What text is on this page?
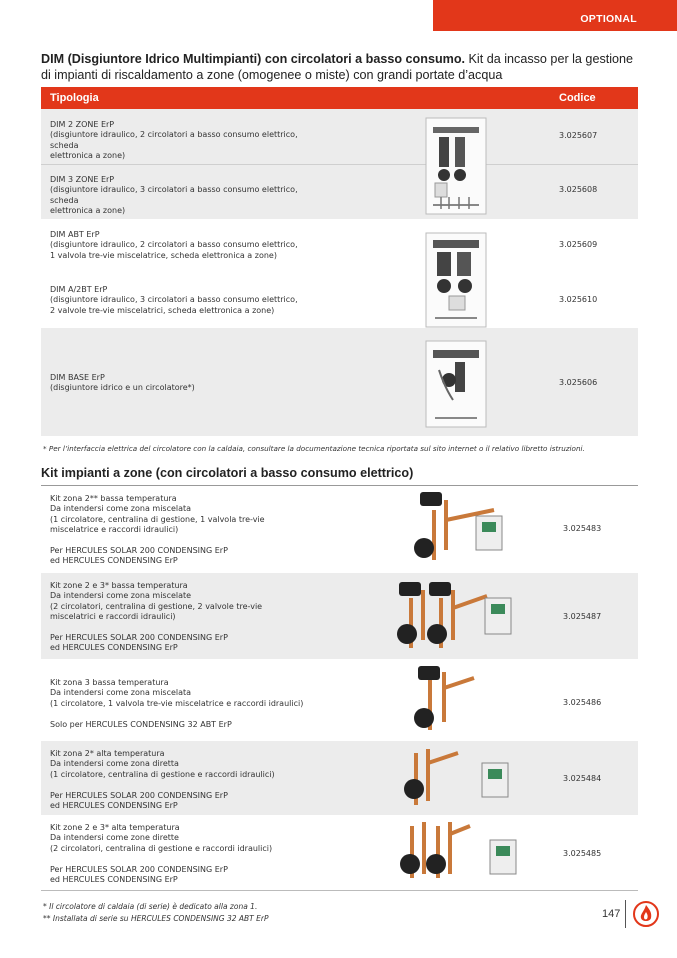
OPTIONAL

DIM (Disgiuntore Idrico Multimpianti) con circolatori a basso consumo. Kit da incasso per la gestione di impianti di riscaldamento a zone (omogenee o miste) con grandi portate d’acqua

Tipologia	Codice
DIM 2 ZONE ErP
(disgiuntore idraulico, 2 circolatori a basso consumo elettrico, scheda
elettronica a zone)
3.025607
DIM 3 ZONE ErP
(disgiuntore idraulico, 3 circolatori a basso consumo elettrico, scheda
elettronica a zone)
3.025608
DIM ABT ErP
(disgiuntore idraulico, 2 circolatori a basso consumo elettrico,
1 valvola tre-vie miscelatrice, scheda elettronica a zone)
3.025609
DIM A/2BT ErP
(disgiuntore idraulico, 3 circolatori a basso consumo elettrico,
2 valvole tre-vie miscelatrici, scheda elettronica a zone)
3.025610
DIM BASE ErP
(disgiuntore idrico e un circolatore*)
3.025606
* Per l’interfaccia elettrica del circolatore con la caldaia, consultare la documentazione tecnica riportata sul sito internet o il relativo libretto istruzioni.
Kit impianti a zone (con circolatori a basso consumo elettrico)
Kit zona 2** bassa temperatura
Da intendersi come zona miscelata
(1 circolatore, centralina di gestione, 1 valvola tre-vie
miscelatrice e raccordi idraulici)

Per HERCULES SOLAR 200 CONDENSING ErP
ed HERCULES CONDENSING ErP
3.025483
Kit zone 2 e 3* bassa temperatura
Da intendersi come zona miscelate
(2 circolatori, centralina di gestione, 2 valvole tre-vie
miscelatrici e raccordi idraulici)

Per HERCULES SOLAR 200 CONDENSING ErP
ed HERCULES CONDENSING ErP
3.025487
Kit zona 3 bassa temperatura
Da intendersi come zona miscelata
(1 circolatore, 1 valvola tre-vie miscelatrice e raccordi idraulici)

Solo per HERCULES CONDENSING 32 ABT ErP
3.025486
Kit zona 2* alta temperatura
Da intendersi come zona diretta
(1 circolatore, centralina di gestione e raccordi idraulici)

Per HERCULES SOLAR 200 CONDENSING ErP
ed HERCULES CONDENSING ErP
3.025484
Kit zone 2 e 3* alta temperatura
Da intendersi come zone dirette
(2 circolatori, centralina di gestione e raccordi idraulici)

Per HERCULES SOLAR 200 CONDENSING ErP
ed HERCULES CONDENSING ErP
3.025485
* Il circolatore di caldaia (di serie) è dedicato alla zona 1.
** Installata di serie su HERCULES CONDENSING 32 ABT ErP	147
